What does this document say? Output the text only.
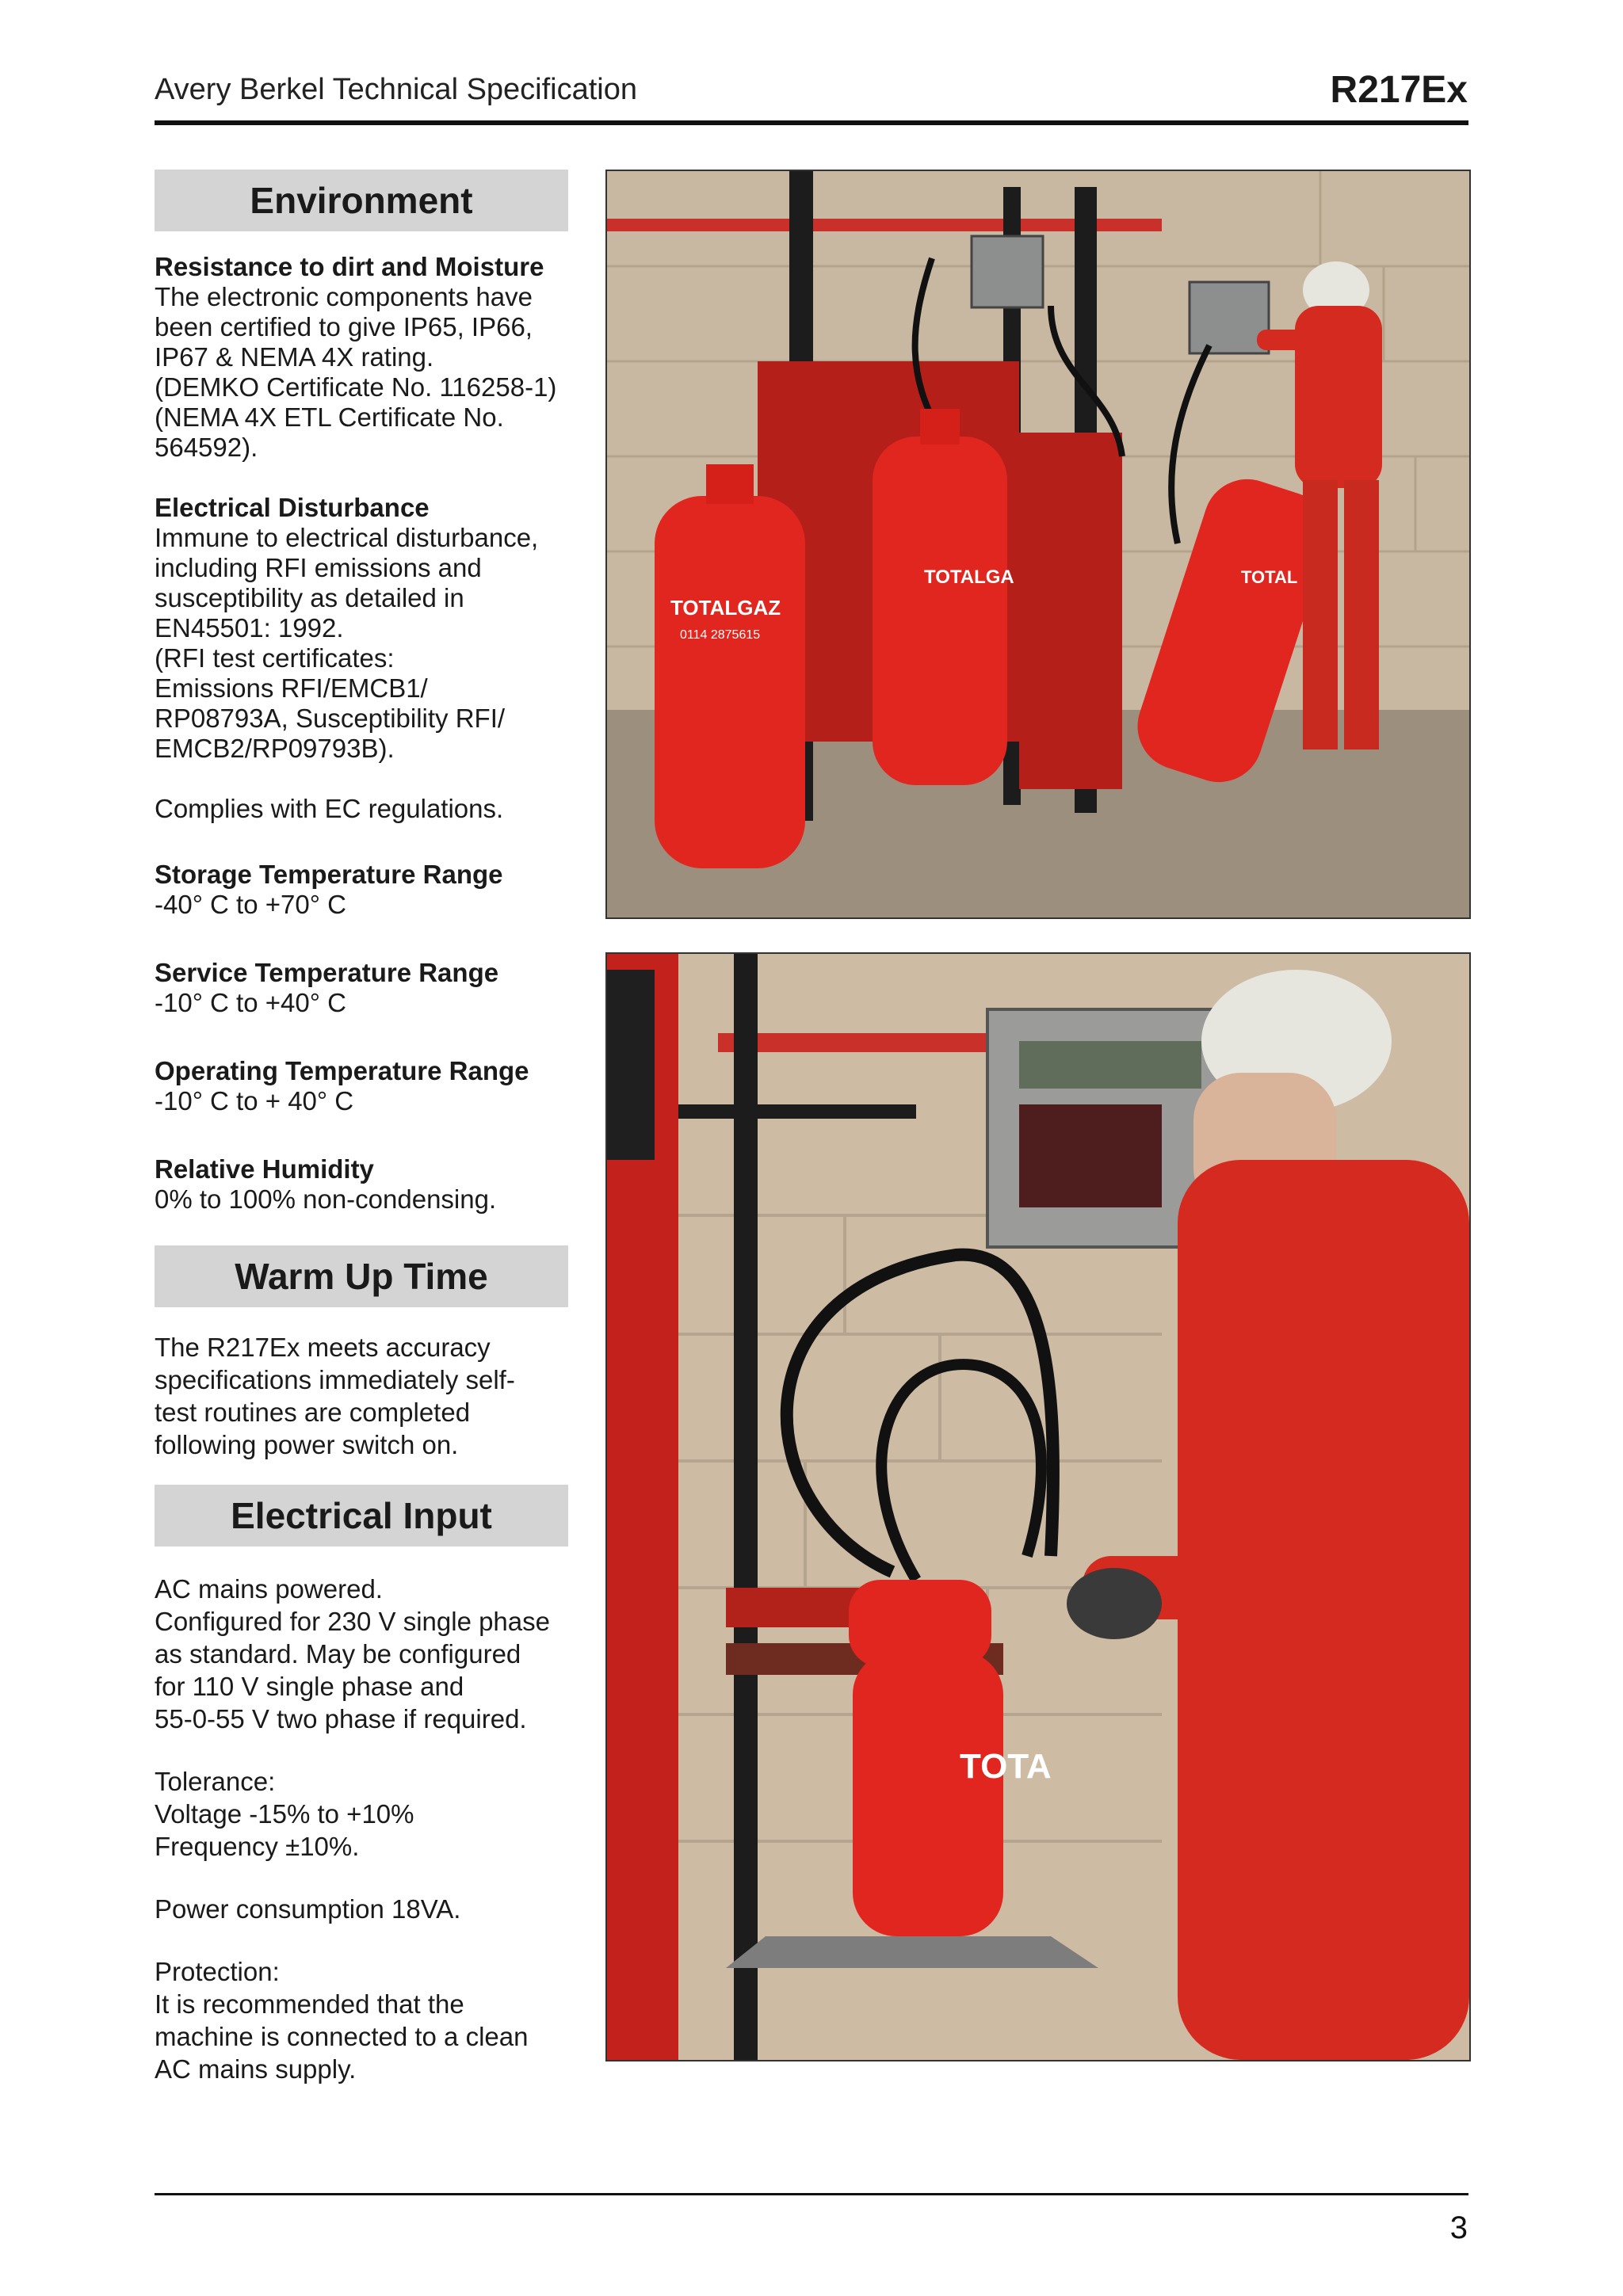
Avery Berkel Technical Specification	R217Ex
Environment
Resistance to dirt and Moisture
The electronic components have
been certified to give IP65, IP66,
IP67 & NEMA 4X rating.
(DEMKO Certificate No. 116258-1)
(NEMA 4X ETL Certificate No.
564592).
Electrical Disturbance
Immune to electrical disturbance,
including RFI emissions and
susceptibility as detailed in
EN45501: 1992.
(RFI test certificates:
Emissions RFI/EMCB1/
RP08793A, Susceptibility RFI/
EMCB2/RP09793B).
Complies with EC regulations.
Storage Temperature Range
-40° C to +70° C
Service Temperature Range
-10° C to +40° C
Operating Temperature Range
-10° C to + 40° C
Relative Humidity
0% to 100% non-condensing.
Warm Up Time
The R217Ex meets accuracy
specifications immediately self-
test routines are completed
following power switch on.
Electrical Input
AC mains powered.
Configured for 230 V single phase
as standard. May be configured
for 110 V single phase and
55-0-55 V two phase if required.
Tolerance:
Voltage -15% to +10%
Frequency ±10%.
Power consumption 18VA.
Protection:
It is recommended that the
machine is connected to a clean
AC mains supply.
TOTALGAZ
0114 2875615
TOTALGA	TOTAL
TOTA
3
